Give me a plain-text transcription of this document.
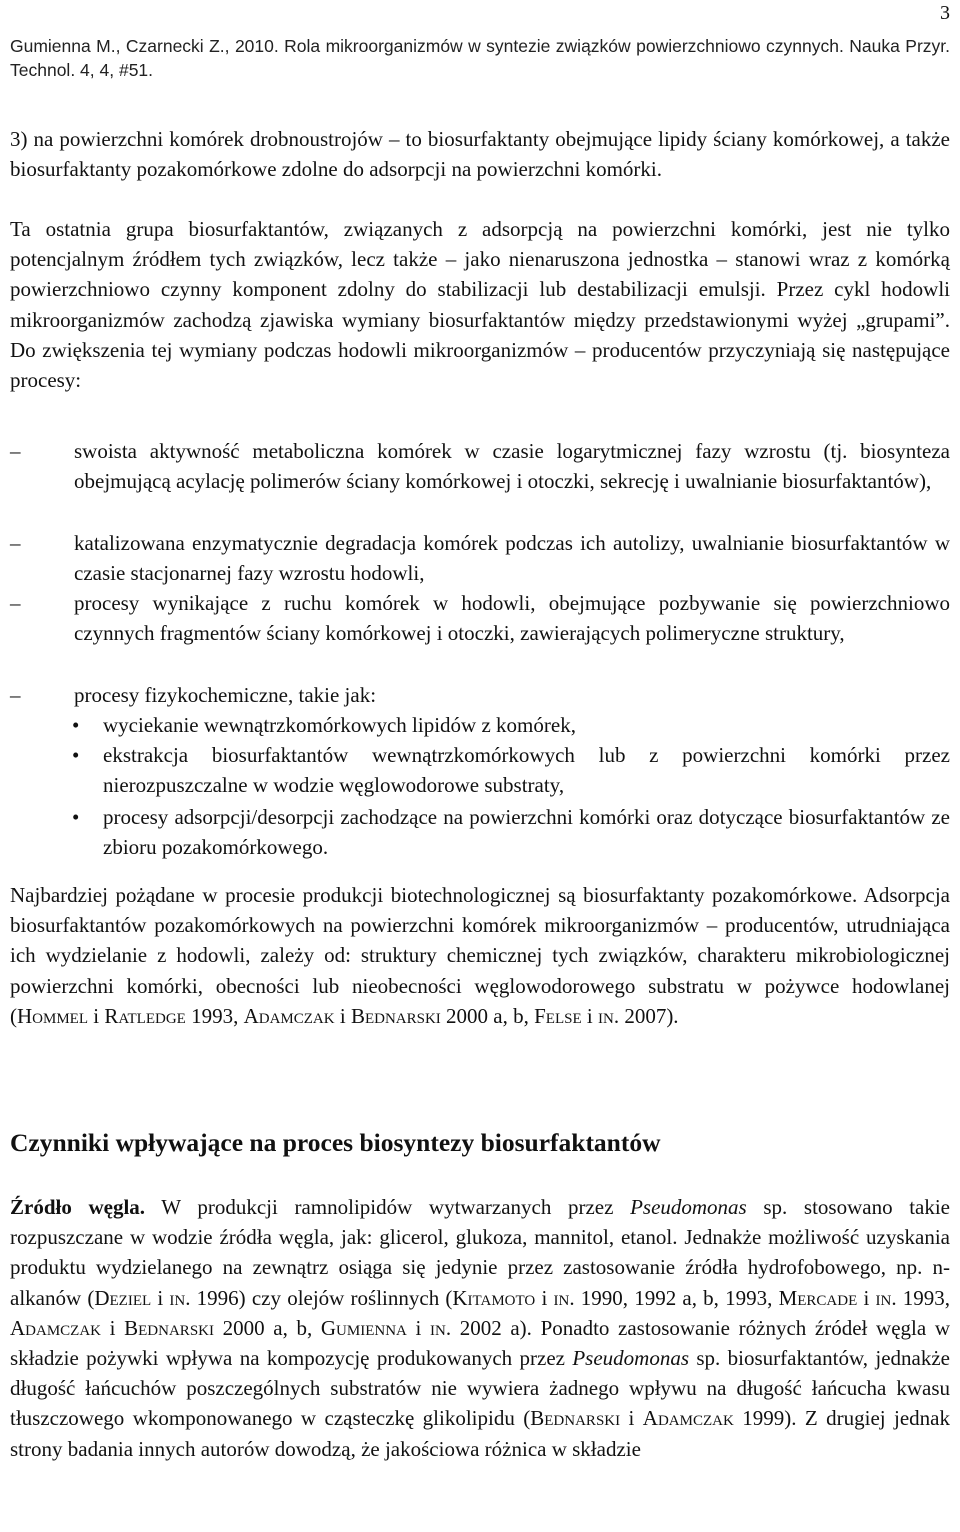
3
Gumienna M., Czarnecki Z., 2010. Rola mikroorganizmów w syntezie związków powierzchniowo czynnych. Nauka Przyr. Technol. 4, 4, #51.
3) na powierzchni komórek drobnoustrojów – to biosurfaktanty obejmujące lipidy ściany komórkowej, a także biosurfaktanty pozakomórkowe zdolne do adsorpcji na powierzchni komórki.
Ta ostatnia grupa biosurfaktantów, związanych z adsorpcją na powierzchni komórki, jest nie tylko potencjalnym źródłem tych związków, lecz także – jako nienaruszona jednostka – stanowi wraz z komórką powierzchniowo czynny komponent zdolny do stabilizacji lub destabilizacji emulsji. Przez cykl hodowli mikroorganizmów zachodzą zjawiska wymiany biosurfaktantów między przedstawionymi wyżej „grupami”. Do zwiększenia tej wymiany podczas hodowli mikroorganizmów – producentów przyczyniają się następujące procesy:
–	swoista aktywność metaboliczna komórek w czasie logarytmicznej fazy wzrostu (tj. biosynteza obejmującą acylację polimerów ściany komórkowej i otoczki, sekrecję i uwalnianie biosurfaktantów),
–	katalizowana enzymatycznie degradacja komórek podczas ich autolizy, uwalnianie biosurfaktantów w czasie stacjonarnej fazy wzrostu hodowli,
–	procesy wynikające z ruchu komórek w hodowli, obejmujące pozbywanie się powierzchniowo czynnych fragmentów ściany komórkowej i otoczki, zawierających polimeryczne struktury,
–	procesy fizykochemiczne, takie jak:
•	wyciekanie wewnątrzkomórkowych lipidów z komórek,
•	ekstrakcja biosurfaktantów wewnątrzkomórkowych lub z powierzchni komórki przez nierozpuszczalne w wodzie węglowodorowe substraty,
•	procesy adsorpcji/desorpcji zachodzące na powierzchni komórki oraz dotyczące biosurfaktantów ze zbioru pozakomórkowego.
Najbardziej pożądane w procesie produkcji biotechnologicznej są biosurfaktanty pozakomórkowe. Adsorpcja biosurfaktantów pozakomórkowych na powierzchni komórek mikroorganizmów – producentów, utrudniająca ich wydzielanie z hodowli, zależy od: struktury chemicznej tych związków, charakteru mikrobiologicznej powierzchni komórki, obecności lub nieobecności węglowodorowego substratu w pożywce hodowlanej (Hommel i Ratledge 1993, Adamczak i Bednarski 2000 a, b, Felse i in. 2007).
Czynniki wpływające na proces biosyntezy biosurfaktantów
Źródło węgla. W produkcji ramnolipidów wytwarzanych przez Pseudomonas sp. stosowano takie rozpuszczane w wodzie źródła węgla, jak: glicerol, glukoza, mannitol, etanol. Jednakże możliwość uzyskania produktu wydzielanego na zewnątrz osiąga się jedynie przez zastosowanie źródła hydrofobowego, np. n-alkanów (Deziel i in. 1996) czy olejów roślinnych (Kitamoto i in. 1990, 1992 a, b, 1993, Mercade i in. 1993, Adamczak i Bednarski 2000 a, b, Gumienna i in. 2002 a). Ponadto zastosowanie różnych źródeł węgla w składzie pożywki wpływa na kompozycję produkowanych przez Pseudomonas sp. biosurfaktantów, jednakże długość łańcuchów poszczególnych substratów nie wywiera żadnego wpływu na długość łańcucha kwasu tłuszczowego wkomponowanego w cząsteczkę glikolipidu (Bednarski i Adamczak 1999). Z drugiej jednak strony badania innych autorów dowodzą, że jakościowa różnica w składzie
